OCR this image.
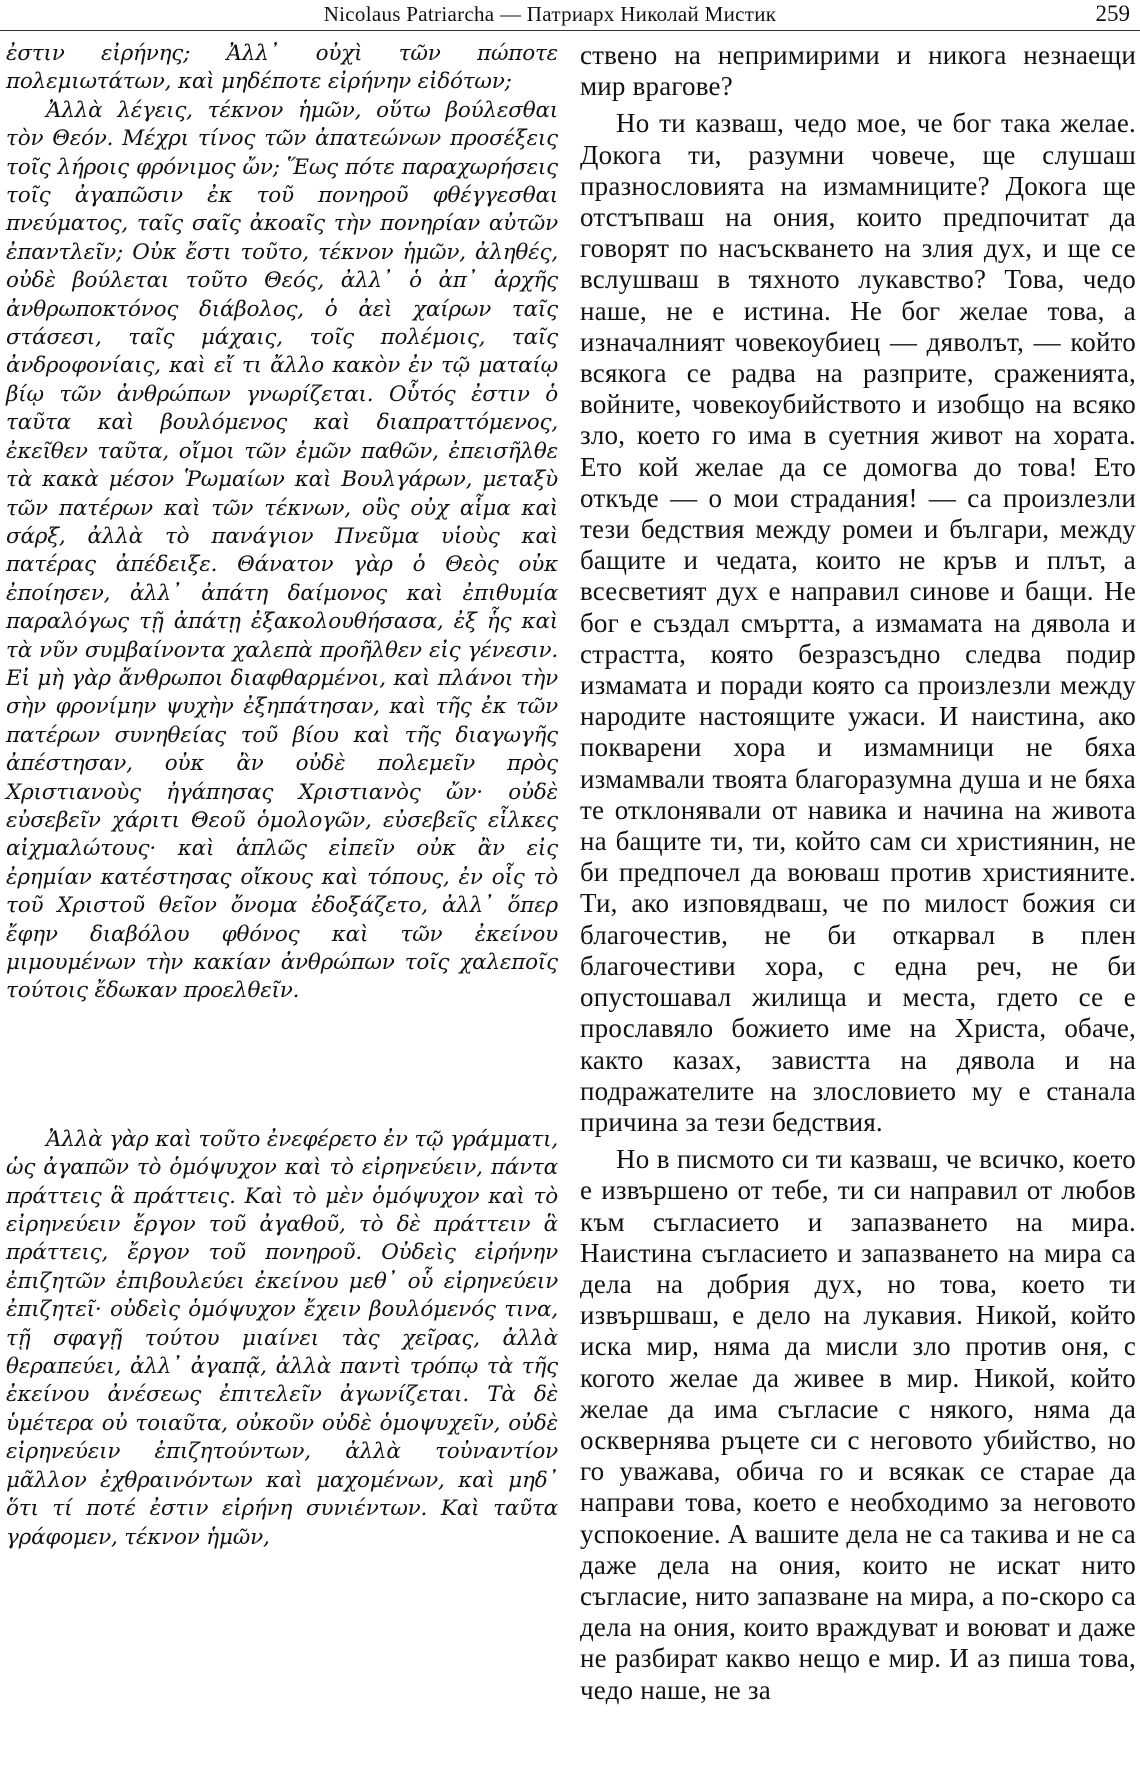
Nicolaus Patriarcha — Патриарх Николай Мистик	259

ἐστιν εἰρήνης; Ἀλλ᾽ οὐχὶ τῶν πώποτε πολεμιωτάτων, καὶ μηδέποτε εἰρήνην εἰδότων;

Ἀλλὰ λέγεις, τέκνον ἡμῶν, οὕτω βούλεσθαι τὸν Θεόν. Μέχρι τίνος τῶν ἀπατεώνων προσέξεις τοῖς λήροις φρόνιμος ὤν; Ἕως πότε παραχωρήσεις τοῖς ἀγαπῶσιν ἐκ τοῦ πονηροῦ φθέγγεσθαι πνεύματος, ταῖς σαῖς ἀκοαῖς τὴν πονηρίαν αὐτῶν ἐπαντλεῖν; Οὐκ ἔστι τοῦτο, τέκνον ἡμῶν, ἀληθές, οὐδὲ βούλεται τοῦτο Θεός, ἀλλ᾽ ὁ ἀπ᾽ ἀρχῆς ἀνθρωποκτόνος διάβολος, ὁ ἀεὶ χαίρων ταῖς στάσεσι, ταῖς μάχαις, τοῖς πολέμοις, ταῖς ἀνδροφονίαις, καὶ εἴ τι ἄλλο κακὸν ἐν τῷ ματαίῳ βίῳ τῶν ἀνθρώπων γνωρίζεται. Οὗτός ἐστιν ὁ ταῦτα καὶ βουλόμενος καὶ διαπραττόμενος, ἐκεῖθεν ταῦτα, οἴμοι τῶν ἐμῶν παθῶν, ἐπεισῆλθε τὰ κακὰ μέσον Ῥωμαίων καὶ Βουλγάρων, μεταξὺ τῶν πατέρων καὶ τῶν τέκνων, οὓς οὐχ αἷμα καὶ σάρξ, ἀλλὰ τὸ πανάγιον Πνεῦμα υἱοὺς καὶ πατέρας ἀπέδειξε. Θάνατον γὰρ ὁ Θεὸς οὐκ ἐποίησεν, ἀλλ᾽ ἀπάτη δαίμονος καὶ ἐπιθυμία παραλόγως τῇ ἀπάτῃ ἐξακολουθήσασα, ἐξ ἧς καὶ τὰ νῦν συμβαίνοντα χαλεπὰ προῆλθεν εἰς γένεσιν. Εἰ μὴ γὰρ ἄνθρωποι διαφθαρμένοι, καὶ πλάνοι τὴν σὴν φρονίμην ψυχὴν ἐξηπάτησαν, καὶ τῆς ἐκ τῶν πατέρων συνηθείας τοῦ βίου καὶ τῆς διαγωγῆς ἀπέστησαν, οὐκ ἂν οὐδὲ πολεμεῖν πρὸς Χριστιανοὺς ἠγάπησας Χριστιανὸς ὤν· οὐδὲ εὐσεβεῖν χάριτι Θεοῦ ὁμολογῶν, εὐσεβεῖς εἷλκες αἰχμαλώτους· καὶ ἁπλῶς εἰπεῖν οὐκ ἂν εἰς ἐρημίαν κατέστησας οἴκους καὶ τόπους, ἐν οἷς τὸ τοῦ Χριστοῦ θεῖον ὄνομα ἐδοξάζετο, ἀλλ᾽ ὅπερ ἔφην διαβόλου φθόνος καὶ τῶν ἐκείνου μιμουμένων τὴν κακίαν ἀνθρώπων τοῖς χαλεποῖς τούτοις ἔδωκαν προελθεῖν.

Ἀλλὰ γὰρ καὶ τοῦτο ἐνεφέρετο ἐν τῷ γράμματι, ὡς ἀγαπῶν τὸ ὁμόψυχον καὶ τὸ εἰρηνεύειν, πάντα πράττεις ἃ πράττεις. Καὶ τὸ μὲν ὁμόψυχον καὶ τὸ εἰρηνεύειν ἔργον τοῦ ἀγαθοῦ, τὸ δὲ πράττειν ἃ πράττεις, ἔργον τοῦ πονηροῦ. Οὐδεὶς εἰρήνην ἐπιζητῶν ἐπιβουλεύει ἐκείνου μεθ᾽ οὗ εἰρηνεύειν ἐπιζητεῖ· οὐδεὶς ὁμόψυχον ἔχειν βουλόμενός τινα, τῇ σφαγῇ τούτου μιαίνει τὰς χεῖρας, ἀλλὰ θεραπεύει, ἀλλ᾽ ἀγαπᾷ, ἀλλὰ παντὶ τρόπῳ τὰ τῆς ἐκείνου ἀνέσεως ἐπιτελεῖν ἀγωνίζεται. Τὰ δὲ ὑμέτερα οὐ τοιαῦτα, οὐκοῦν οὐδὲ ὁμοψυχεῖν, οὐδὲ εἰρηνεύειν ἐπιζητούντων, ἀλλὰ τοὐναντίον μᾶλλον ἐχθραινόντων καὶ μαχομένων, καὶ μηδ᾽ ὅτι τί ποτέ ἐστιν εἰρήνη συνιέντων. Καὶ ταῦτα γράφομεν, τέκνον ἡμῶν,

ствено на непримирими и никога незнаещи мир врагове?

Но ти казваш, чедо мое, че бог така желае. Докога ти, разумни човече, ще слушаш празнословията на измамниците? Докога ще отстъпваш на ония, които предпочитат да говорят по насъскването на злия дух, и ще се вслушваш в тяхното лукавство? Това, чедо наше, не е истина. Не бог желае това, а изначалният човекоубиец — дяволът, — който всякога се радва на разприте, сраженията, войните, човекоубийството и изобщо на всяко зло, което го има в суетния живот на хората. Ето кой желае да се домогва до това! Ето откъде — о мои страдания! — са произлезли тези бедствия между ромеи и българи, между бащите и чедата, които не кръв и плът, а всесветият дух е направил синове и бащи. Не бог е създал смъртта, а измамата на дявола и страстта, която безразсъдно следва подир измамата и поради която са произлезли между народите настоящите ужаси. И наистина, ако покварени хора и измамници не бяха измамвали твоята благоразумна душа и не бяха те отклонявали от навика и начина на живота на бащите ти, ти, който сам си християнин, не би предпочел да воюваш против християните. Ти, ако изповядваш, че по милост божия си благочестив, не би откарвал в плен благочестиви хора, с една реч, не би опустошавал жилища и места, гдето се е прославяло божието име на Христа, обаче, както казах, завистта на дявола и на подражателите на злословието му е станала причина за тези бедствия.

Но в писмото си ти казваш, че всичко, което е извършено от тебе, ти си направил от любов към съгласието и запазването на мира. Наистина съгласието и запазването на мира са дела на добрия дух, но това, което ти извършваш, е дело на лукавия. Никой, който иска мир, няма да мисли зло против оня, с когото желае да живее в мир. Никой, който желае да има съгласие с някого, няма да осквернява ръцете си с неговото убийство, но го уважава, обича го и всякак се старае да направи това, което е необходимо за неговото успокоение. А вашите дела не са такива и не са даже дела на ония, които не искат нито съгласие, нито запазване на мира, а по-скоро са дела на ония, които враждуват и воюват и даже не разбират какво нещо е мир. И аз пиша това, чедо наше, не за
